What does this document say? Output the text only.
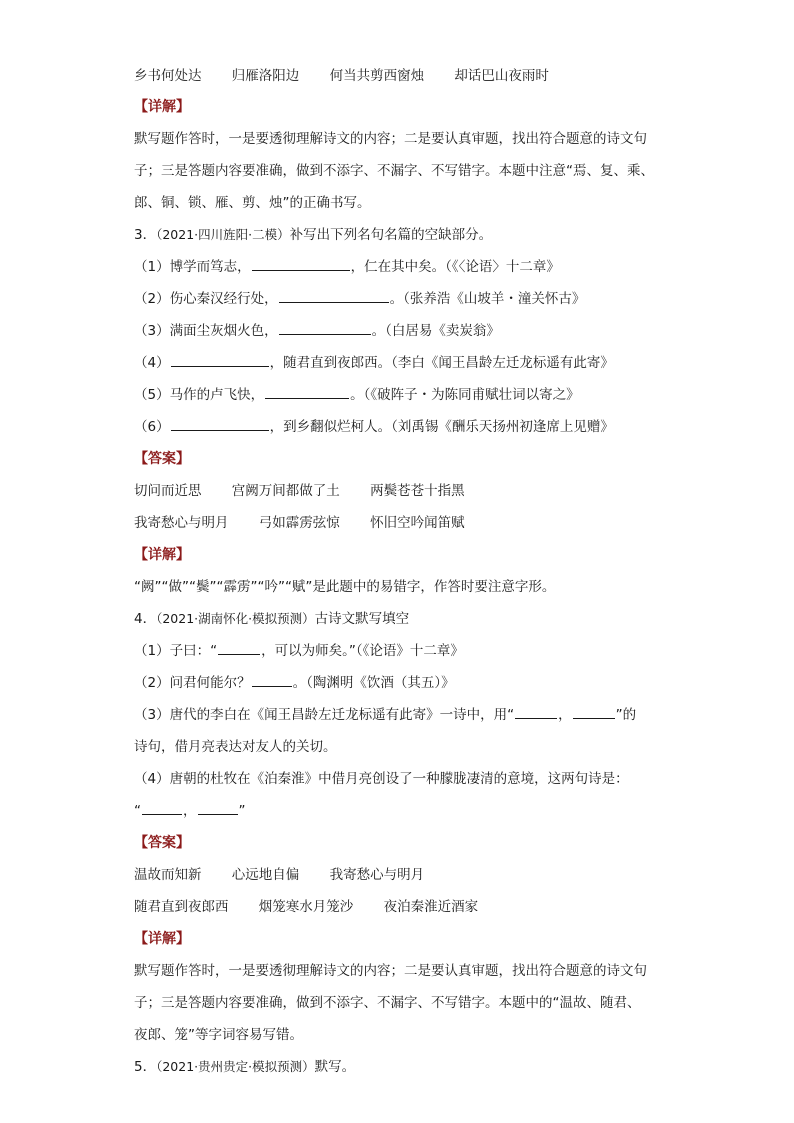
乡书何处达 归雁洛阳边 何当共剪西窗烛 却话巴山夜雨时
【详解】
默写题作答时，一是要透彻理解诗文的内容；二是要认真审题，找出符合题意的诗文句
子；三是答题内容要准确，做到不添字、不漏字、不写错字。本题中注意“焉、复、乘、
郎、铜、锁、雁、剪、烛”的正确书写。
3．（2021·四川旌阳·二模）补写出下列名句名篇的空缺部分。
（1）博学而笃志，	，仁在其中矣。（《〈论语〉十二章》
（2）伤心秦汉经行处，	。（张养浩《山坡羊・潼关怀古》
（3）满面尘灰烟火色，	。（白居易《卖炭翁》
（4）	，随君直到夜郎西。（李白《闻王昌龄左迁龙标遥有此寄》
（5）马作的卢飞快，	。（《破阵子・为陈同甫赋壮词以寄之》
（6）	，到乡翻似烂柯人。（刘禹锡《酬乐天扬州初逢席上见赠》
【答案】
切问而近思 宫阙万间都做了土 两鬓苍苍十指黑
我寄愁心与明月 弓如霹雳弦惊 怀旧空吟闻笛赋
【详解】
“阙”“做”“鬓”“霹雳”“吟”“赋”是此题中的易错字，作答时要注意字形。
4．（2021·湖南怀化·模拟预测）古诗文默写填空
（1）子曰：“	，可以为师矣。”（《论语》十二章》
（2）问君何能尔？	。（陶渊明《饮酒（其五）》
（3）唐代的李白在《闻王昌龄左迁龙标遥有此寄》一诗中，用“	，	”的
诗句，借月亮表达对友人的关切。
（4）唐朝的杜牧在《泊秦淮》中借月亮创设了一种朦胧凄清的意境，这两句诗是：
“	，	”
【答案】
温故而知新 心远地自偏 我寄愁心与明月
随君直到夜郎西 烟笼寒水月笼沙 夜泊秦淮近酒家
【详解】
默写题作答时，一是要透彻理解诗文的内容；二是要认真审题，找出符合题意的诗文句
子；三是答题内容要准确，做到不添字、不漏字、不写错字。本题中的“温故、随君、
夜郎、笼”等字词容易写错。
5．（2021·贵州贵定·模拟预测）默写。
